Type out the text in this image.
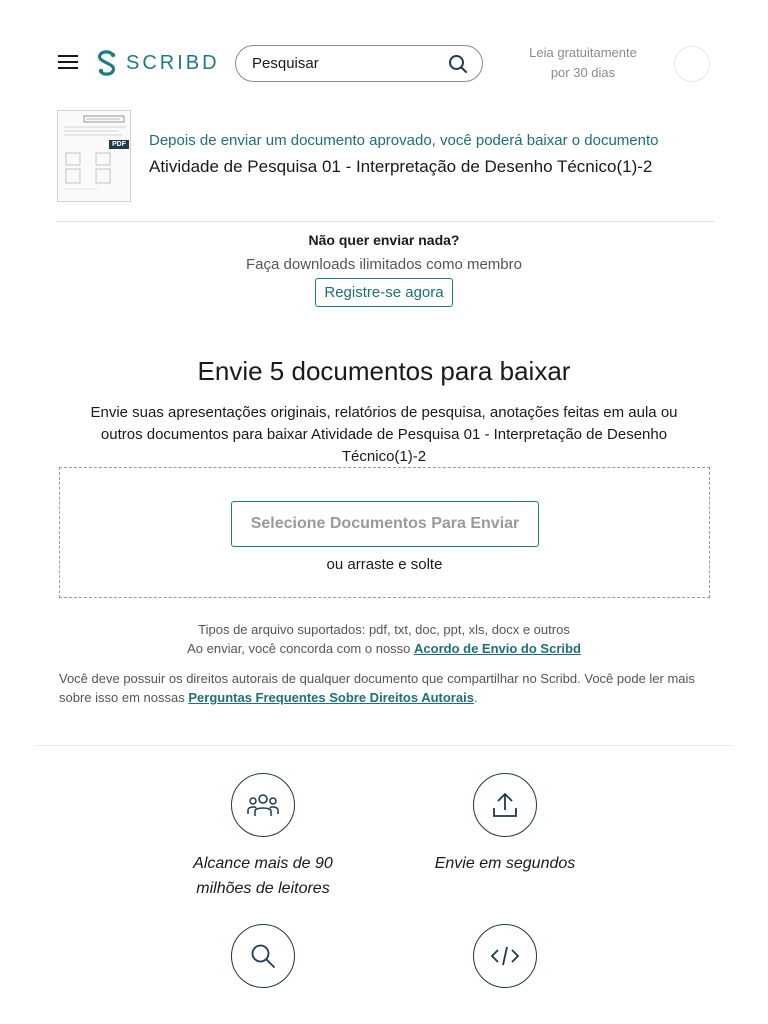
SCRIBD
Pesquisar	Leia gratuitamente
por 30 dias
PDF Depois de enviar um documento aprovado, você poderá baixar o documento
Atividade de Pesquisa 01 - Interpretação de Desenho Técnico(1)-2
Não quer enviar nada?
Faça downloads ilimitados como membro
Registre-se agora
Envie 5 documentos para baixar

Envie suas apresentações originais, relatórios de pesquisa, anotações feitas em aula ou outros documentos para baixar Atividade de Pesquisa 01 - Interpretação de Desenho Técnico(1)-2

Selecione Documentos Para Enviar
ou arraste e solte
Tipos de arquivo suportados: pdf, txt, doc, ppt, xls, docx e outros
Ao enviar, você concorda com o nosso Acordo de Envio do Scribd
Você deve possuir os direitos autorais de qualquer documento que compartilhar no Scribd. Você pode ler mais sobre isso em nossas Perguntas Frequentes Sobre Direitos Autorais.
Alcance mais de 90
milhões de leitores
Envie em segundos
